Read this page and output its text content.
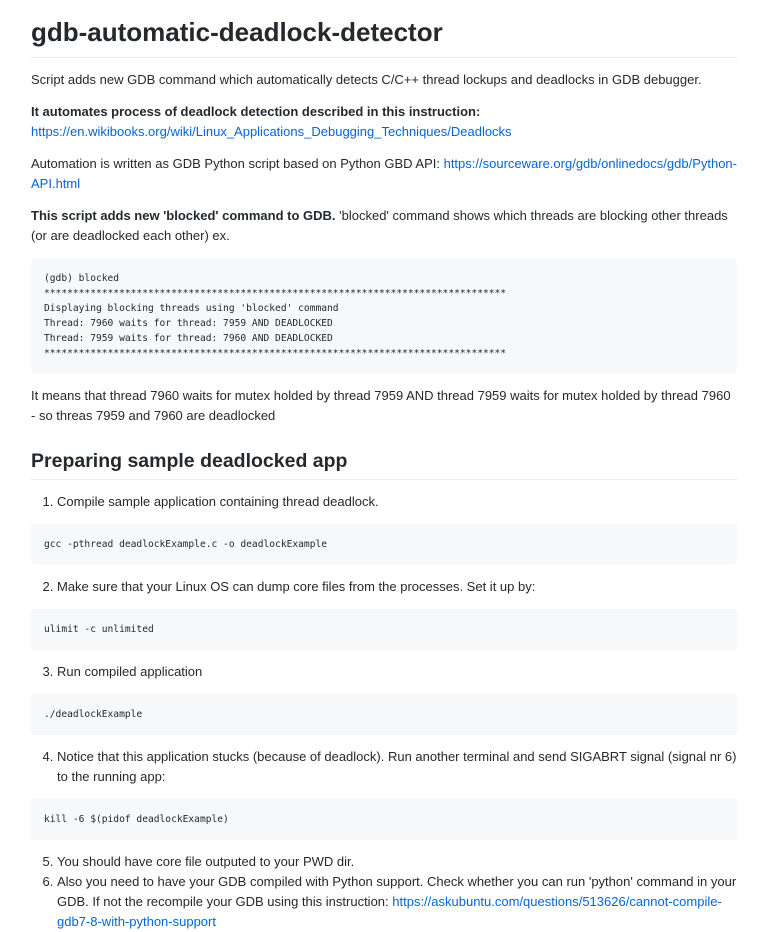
gdb-automatic-deadlock-detector

Script adds new GDB command which automatically detects C/C++ thread lockups and deadlocks in GDB debugger.

It automates process of deadlock detection described in this instruction:
https://en.wikibooks.org/wiki/Linux_Applications_Debugging_Techniques/Deadlocks

Automation is written as GDB Python script based on Python GBD API: https://sourceware.org/gdb/onlinedocs/gdb/Python-API.html

This script adds new 'blocked' command to GDB. 'blocked' command shows which threads are blocking other threads (or are deadlocked each other) ex.

(gdb) blocked
********************************************************************************
Displaying blocking threads using 'blocked' command
Thread: 7960 waits for thread: 7959 AND DEADLOCKED
Thread: 7959 waits for thread: 7960 AND DEADLOCKED
********************************************************************************

It means that thread 7960 waits for mutex holded by thread 7959 AND thread 7959 waits for mutex holded by thread 7960 - so threas 7959 and 7960 are deadlocked

Preparing sample deadlocked app
1. Compile sample application containing thread deadlock.
gcc -pthread deadlockExample.c -o deadlockExample
2. Make sure that your Linux OS can dump core files from the processes. Set it up by:
ulimit -c unlimited
3. Run compiled application
./deadlockExample
4. Notice that this application stucks (because of deadlock). Run another terminal and send SIGABRT signal (signal nr 6) to the running app:
kill -6 $(pidof deadlockExample)
5. You should have core file outputed to your PWD dir.
6. Also you need to have your GDB compiled with Python support. Check whether you can run 'python' command in your GDB. If not the recompile your GDB using this instruction: https://askubuntu.com/questions/513626/cannot-compile-gdb7-8-with-python-support
